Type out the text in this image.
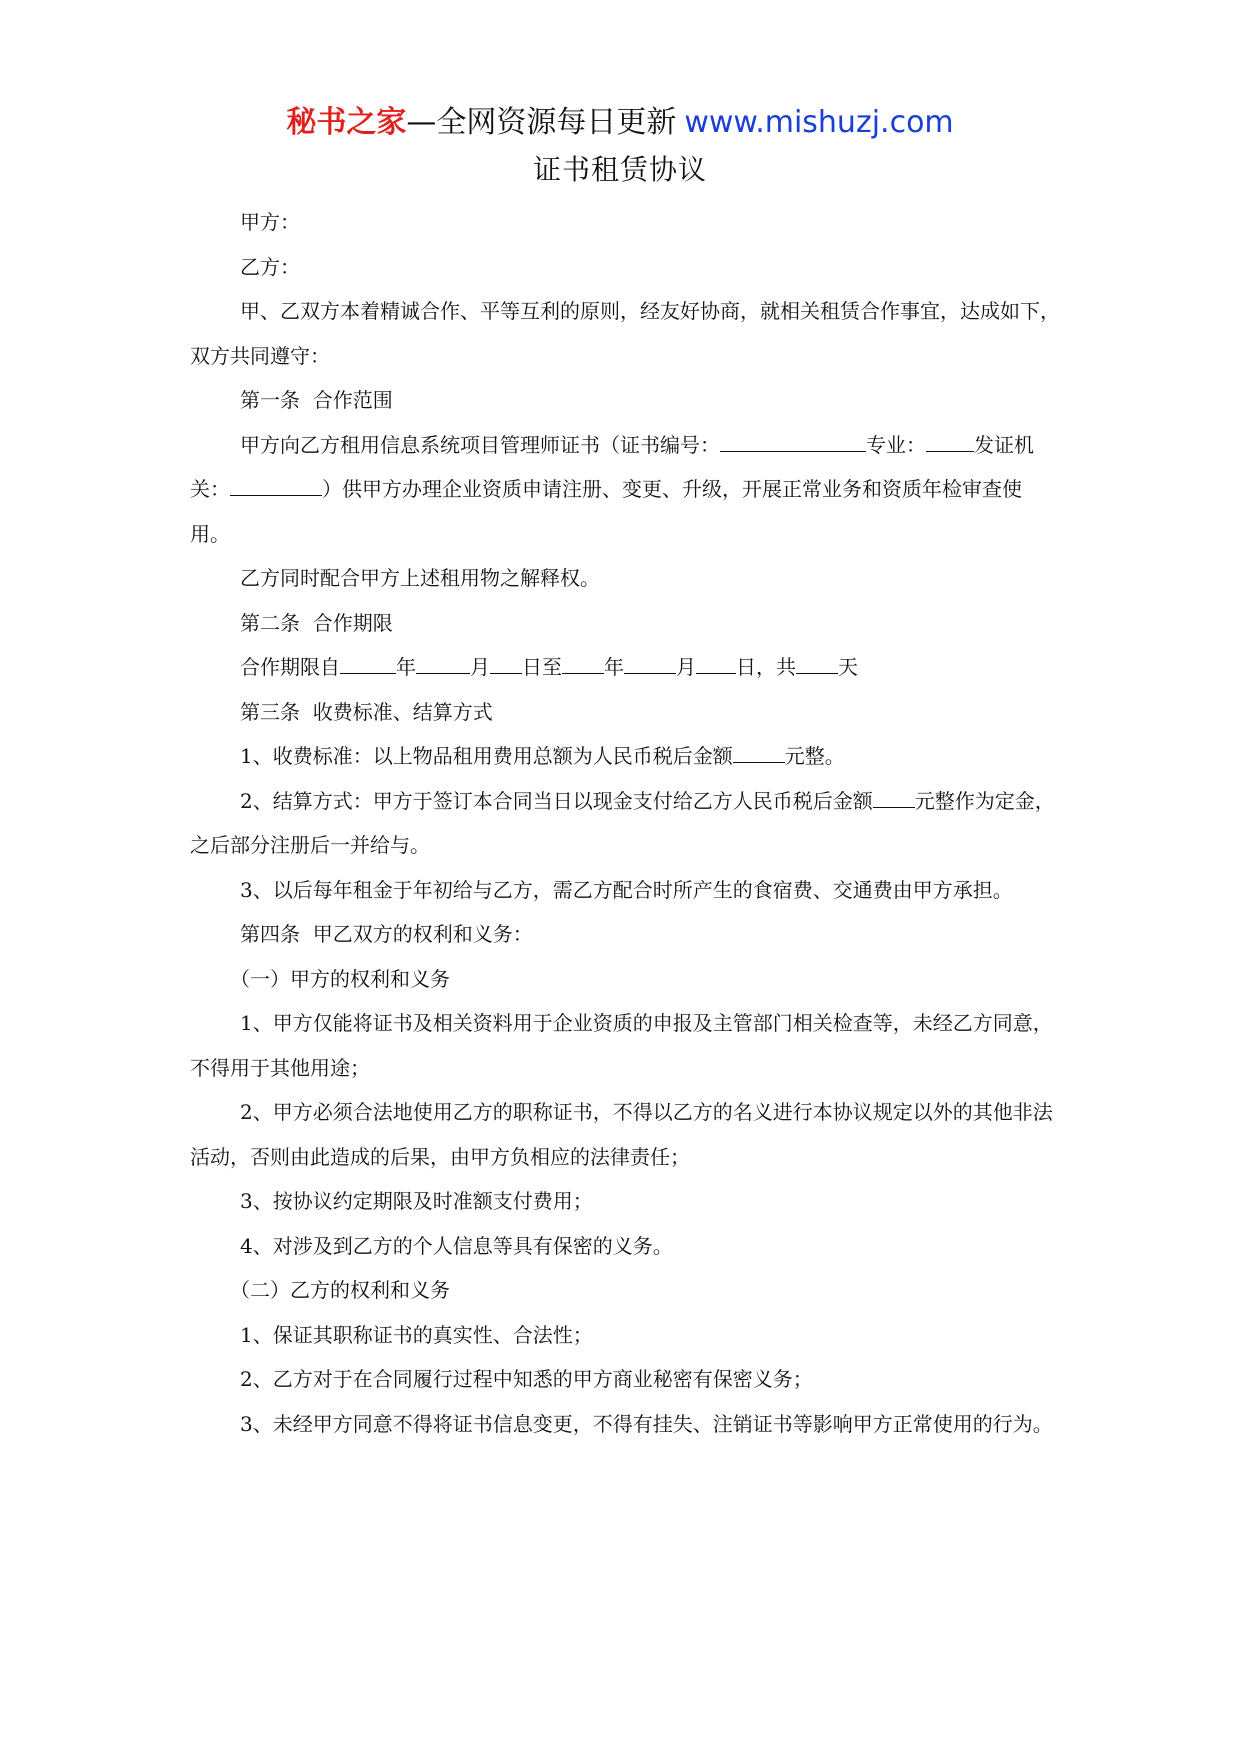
秘书之家—全网资源每日更新 www.mishuzj.com
证书租赁协议

甲方：

乙方：

甲、乙双方本着精诚合作、平等互利的原则，经友好协商，就相关租赁合作事宜，达成如下，双方共同遵守：

第一条  合作范围

甲方向乙方租用信息系统项目管理师证书（证书编号：	专业： 发证机关：	）供甲方办理企业资质申请注册、变更、升级，开展正常业务和资质年检审查使用。

乙方同时配合甲方上述租用物之解释权。

第二条  合作期限

合作期限自	年	月 日至 年	月 日，共 天

第三条  收费标准、结算方式

1、收费标准：以上物品租用费用总额为人民币税后金额	元整。

2、结算方式：甲方于签订本合同当日以现金支付给乙方人民币税后金额 元整作为定金，之后部分注册后一并给与。

3、以后每年租金于年初给与乙方，需乙方配合时所产生的食宿费、交通费由甲方承担。

第四条  甲乙双方的权利和义务：

（一）甲方的权利和义务

1、甲方仅能将证书及相关资料用于企业资质的申报及主管部门相关检查等，未经乙方同意，不得用于其他用途；

2、甲方必须合法地使用乙方的职称证书，不得以乙方的名义进行本协议规定以外的其他非法活动，否则由此造成的后果，由甲方负相应的法律责任；

3、按协议约定期限及时准额支付费用；

4、对涉及到乙方的个人信息等具有保密的义务。

（二）乙方的权利和义务

1、保证其职称证书的真实性、合法性；

2、乙方对于在合同履行过程中知悉的甲方商业秘密有保密义务；

3、未经甲方同意不得将证书信息变更，不得有挂失、注销证书等影响甲方正常使用的行为。
